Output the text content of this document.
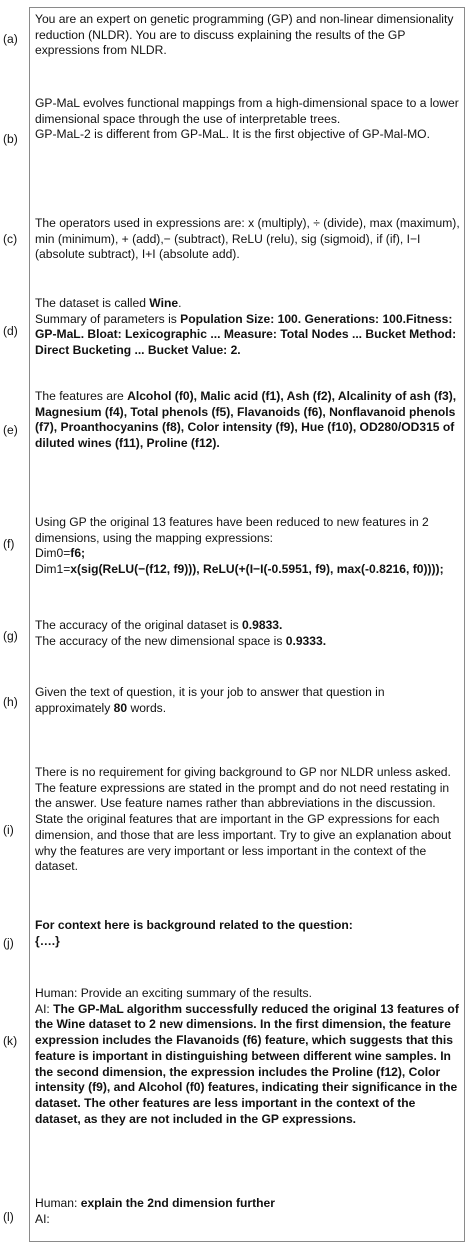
(a)

You are an expert on genetic programming (GP) and non-linear dimensionality reduction (NLDR). You are to discuss explaining the results of the GP expressions from NLDR.

(b)

GP-MaL evolves functional mappings from a high-dimensional space to a lower dimensional space through the use of interpretable trees.

GP-MaL-2 is different from GP-MaL. It is the first objective of GP-Mal-MO.

(c)

The operators used in expressions are: x (multiply), ÷ (divide), max (maximum), min (minimum), + (add),− (subtract), ReLU (relu), sig (sigmoid), if (if), I−I (absolute subtract), I+I (absolute add).

(d)

The dataset is called Wine.

Summary of parameters is Population Size: 100. Generations: 100.Fitness: GP-MaL. Bloat: Lexicographic ... Measure: Total Nodes ... Bucket Method: Direct Bucketing ... Bucket Value: 2.

(e)

The features are Alcohol (f0), Malic acid (f1), Ash (f2), Alcalinity of ash (f3), Magnesium (f4), Total phenols (f5), Flavanoids (f6), Nonflavanoid phenols (f7), Proanthocyanins (f8), Color intensity (f9), Hue (f10), OD280/OD315 of diluted wines (f11), Proline (f12).

(f)

Using GP the original 13 features have been reduced to new features in 2 dimensions, using the mapping expressions:

Dim0=f6;

Dim1=x(sig(ReLU(−(f12, f9))), ReLU(+(I−I(-0.5951, f9), max(-0.8216, f0))));

(g)

The accuracy of the original dataset is 0.9833.

The accuracy of the new dimensional space is 0.9333.

(h)

Given the text of question, it is your job to answer that question in approximately 80 words.

(i)

There is no requirement for giving background to GP nor NLDR unless asked. The feature expressions are stated in the prompt and do not need restating in the answer. Use feature names rather than abbreviations in the discussion. State the original features that are important in the GP expressions for each dimension, and those that are less important. Try to give an explanation about why the features are very important or less important in the context of the dataset.

(j)

For context here is background related to the question:

{….}

(k)

Human: Provide an exciting summary of the results.

AI: The GP-MaL algorithm successfully reduced the original 13 features of the Wine dataset to 2 new dimensions. In the first dimension, the feature expression includes the Flavanoids (f6) feature, which suggests that this feature is important in distinguishing between different wine samples. In the second dimension, the expression includes the Proline (f12), Color intensity (f9), and Alcohol (f0) features, indicating their significance in the dataset. The other features are less important in the context of the dataset, as they are not included in the GP expressions.

(l)

Human: explain the 2nd dimension further

AI:
